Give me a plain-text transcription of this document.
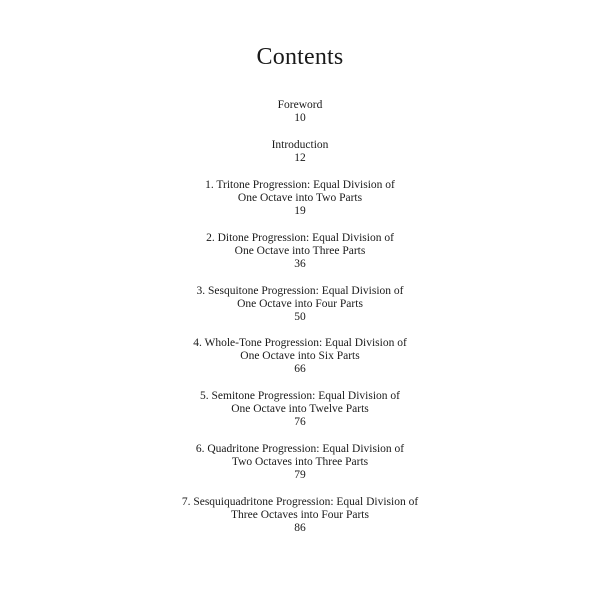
Contents
Foreword
10
Introduction
12
1. Tritone Progression: Equal Division of
One Octave into Two Parts
19
2. Ditone Progression: Equal Division of
One Octave into Three Parts
36
3. Sesquitone Progression: Equal Division of
One Octave into Four Parts
50
4. Whole-Tone Progression: Equal Division of
One Octave into Six Parts
66
5. Semitone Progression: Equal Division of
One Octave into Twelve Parts
76
6. Quadritone Progression: Equal Division of
Two Octaves into Three Parts
79
7. Sesquiquadritone Progression: Equal Division of
Three Octaves into Four Parts
86
